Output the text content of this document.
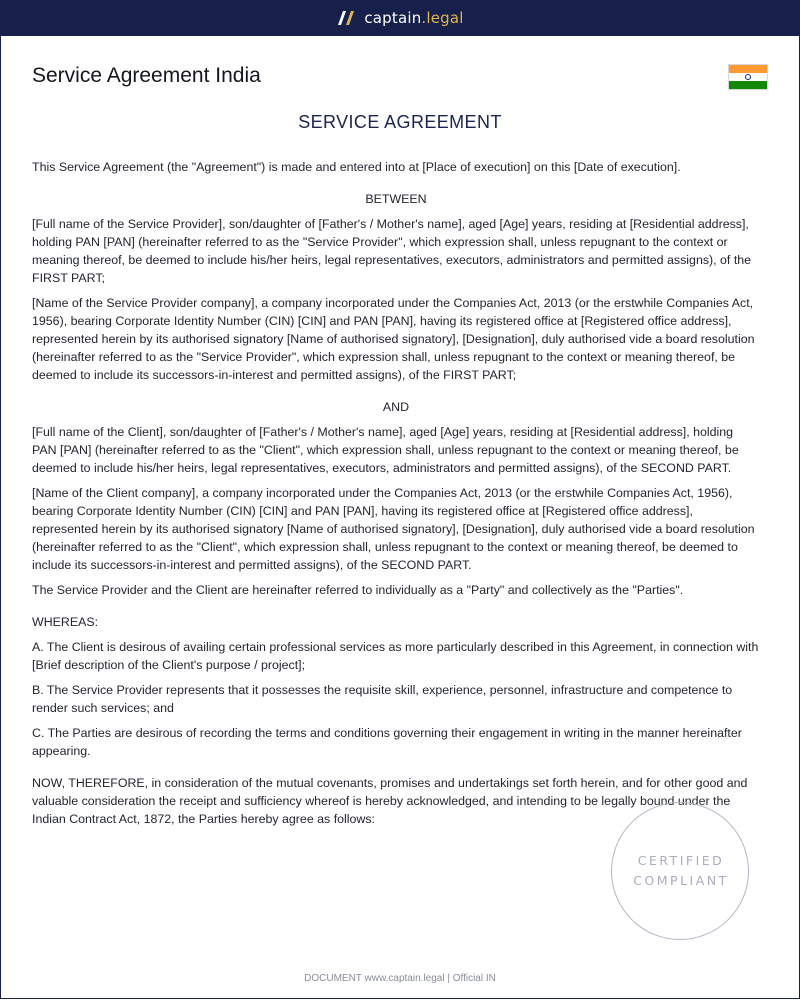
captain.legal
Service Agreement India
SERVICE AGREEMENT

This Service Agreement (the "Agreement") is made and entered into at [Place of execution] on this [Date of execution].

BETWEEN

[Full name of the Service Provider], son/daughter of [Father's / Mother's name], aged [Age] years, residing at [Residential address], holding PAN [PAN] (hereinafter referred to as the "Service Provider", which expression shall, unless repugnant to the context or meaning thereof, be deemed to include his/her heirs, legal representatives, executors, administrators and permitted assigns), of the FIRST PART;

[Name of the Service Provider company], a company incorporated under the Companies Act, 2013 (or the erstwhile Companies Act, 1956), bearing Corporate Identity Number (CIN) [CIN] and PAN [PAN], having its registered office at [Registered office address], represented herein by its authorised signatory [Name of authorised signatory], [Designation], duly authorised vide a board resolution (hereinafter referred to as the "Service Provider", which expression shall, unless repugnant to the context or meaning thereof, be deemed to include its successors-in-interest and permitted assigns), of the FIRST PART;

AND

[Full name of the Client], son/daughter of [Father's / Mother's name], aged [Age] years, residing at [Residential address], holding PAN [PAN] (hereinafter referred to as the "Client", which expression shall, unless repugnant to the context or meaning thereof, be deemed to include his/her heirs, legal representatives, executors, administrators and permitted assigns), of the SECOND PART.

[Name of the Client company], a company incorporated under the Companies Act, 2013 (or the erstwhile Companies Act, 1956), bearing Corporate Identity Number (CIN) [CIN] and PAN [PAN], having its registered office at [Registered office address], represented herein by its authorised signatory [Name of authorised signatory], [Designation], duly authorised vide a board resolution (hereinafter referred to as the "Client", which expression shall, unless repugnant to the context or meaning thereof, be deemed to include its successors-in-interest and permitted assigns), of the SECOND PART.

The Service Provider and the Client are hereinafter referred to individually as a "Party" and collectively as the "Parties".

WHEREAS:

A. The Client is desirous of availing certain professional services as more particularly described in this Agreement, in connection with [Brief description of the Client's purpose / project];

B. The Service Provider represents that it possesses the requisite skill, experience, personnel, infrastructure and competence to render such services; and

C. The Parties are desirous of recording the terms and conditions governing their engagement in writing in the manner hereinafter appearing.

NOW, THEREFORE, in consideration of the mutual covenants, promises and undertakings set forth herein, and for other good and valuable consideration the receipt and sufficiency whereof is hereby acknowledged, and intending to be legally bound under the Indian Contract Act, 1872, the Parties hereby agree as follows:

CERTIFIED
COMPLIANT
DOCUMENT www.captain.legal | Official IN
